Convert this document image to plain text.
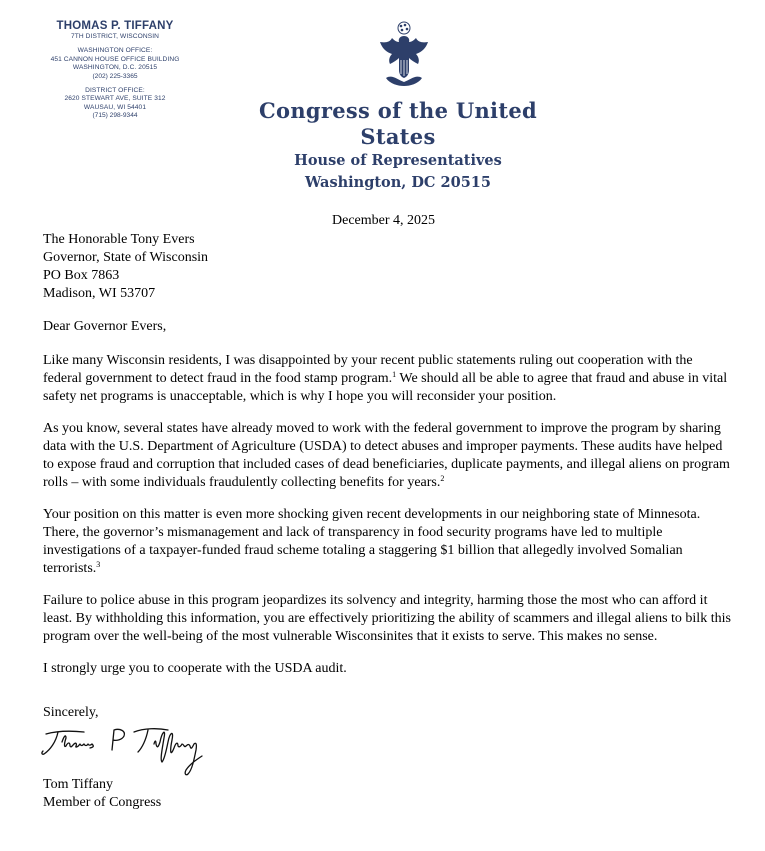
THOMAS P. TIFFANY
7TH DISTRICT, WISCONSIN
WASHINGTON OFFICE:
451 CANNON HOUSE OFFICE BUILDING
WASHINGTON, D.C. 20515
(202) 225-3365
DISTRICT OFFICE:
2620 STEWART AVE, SUITE 312
WAUSAU, WI 54401
(715) 298-9344	Congress of the United States
House of Representatives
Washington, DC 20515
December 4, 2025

The Honorable Tony Evers
Governor, State of Wisconsin
PO Box 7863
Madison, WI 53707

Dear Governor Evers,

Like many Wisconsin residents, I was disappointed by your recent public statements ruling out cooperation with the federal government to detect fraud in the food stamp program.$^1$ We should all be able to agree that fraud and abuse in vital safety net programs is unacceptable, which is why I hope you will reconsider your position.

As you know, several states have already moved to work with the federal government to improve the program by sharing data with the U.S. Department of Agriculture (USDA) to detect abuses and improper payments. These audits have helped to expose fraud and corruption that included cases of dead beneficiaries, duplicate payments, and illegal aliens on program rolls – with some individuals fraudulently collecting benefits for years.$^2$

Your position on this matter is even more shocking given recent developments in our neighboring state of Minnesota. There, the governor’s mismanagement and lack of transparency in food security programs have led to multiple investigations of a taxpayer-funded fraud scheme totaling a staggering $1 billion that allegedly involved Somalian terrorists.$^3$

Failure to police abuse in this program jeopardizes its solvency and integrity, harming those the most who can afford it least. By withholding this information, you are effectively prioritizing the ability of scammers and illegal aliens to bilk this program over the well-being of the most vulnerable Wisconsinites that it exists to serve. This makes no sense.

I strongly urge you to cooperate with the USDA audit.

Sincerely,
Tom Tiffany
Member of Congress
